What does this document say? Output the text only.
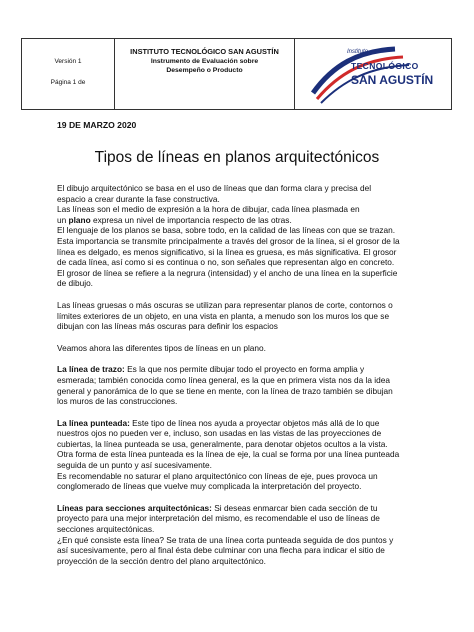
Versión 1
Página 1 de
INSTITUTO TECNOLÓGICO SAN AGUSTÍN
Instrumento de Evaluación sobre
Desempeño o Producto
Instituto
TECNOLÓGICO
SAN AGUSTÍN
19 DE MARZO 2020
Tipos de líneas en planos arquitectónicos

El dibujo arquitectónico se basa en el uso de líneas que dan forma clara y precisa del
espacio a crear durante la fase constructiva.
Las líneas son el medio de expresión a la hora de dibujar, cada línea plasmada en
un plano expresa un nivel de importancia respecto de las otras.
El lenguaje de los planos se basa, sobre todo, en la calidad de las líneas con que se trazan.
Esta importancia se transmite principalmente a través del grosor de la línea, si el grosor de la
línea es delgado, es menos significativo, si la línea es gruesa, es más significativa. El grosor
de cada línea, así como si es continua o no, son señales que representan algo en concreto.
El grosor de línea se refiere a la negrura (intensidad) y el ancho de una línea en la superficie
de dibujo.

Las líneas gruesas o más oscuras se utilizan para representar planos de corte, contornos o
límites exteriores de un objeto, en una vista en planta, a menudo son los muros los que se
dibujan con las líneas más oscuras para definir los espacios

Veamos ahora las diferentes tipos de líneas en un plano.

La línea de trazo: Es la que nos permite dibujar todo el proyecto en forma amplia y
esmerada; también conocida como línea general, es la que en primera vista nos da la idea
general y panorámica de lo que se tiene en mente, con la línea de trazo también se dibujan
los muros de las construcciones.

La línea punteada: Este tipo de línea nos ayuda a proyectar objetos más allá de lo que
nuestros ojos no pueden ver e, incluso, son usadas en las vistas de las proyecciones de
cubiertas, la línea punteada se usa, generalmente, para denotar objetos ocultos a la vista.
Otra forma de esta línea punteada es la línea de eje, la cual se forma por una línea punteada
seguida de un punto y así sucesivamente.
Es recomendable no saturar el plano arquitectónico con líneas de eje, pues provoca un
conglomerado de líneas que vuelve muy complicada la interpretación del proyecto.

Líneas para secciones arquitectónicas: Si deseas enmarcar bien cada sección de tu
proyecto para una mejor interpretación del mismo, es recomendable el uso de líneas de
secciones arquitectónicas.
¿En qué consiste esta línea? Se trata de una línea corta punteada seguida de dos puntos y
así sucesivamente, pero al final ésta debe culminar con una flecha para indicar el sitio de
proyección de la sección dentro del plano arquitectónico.
